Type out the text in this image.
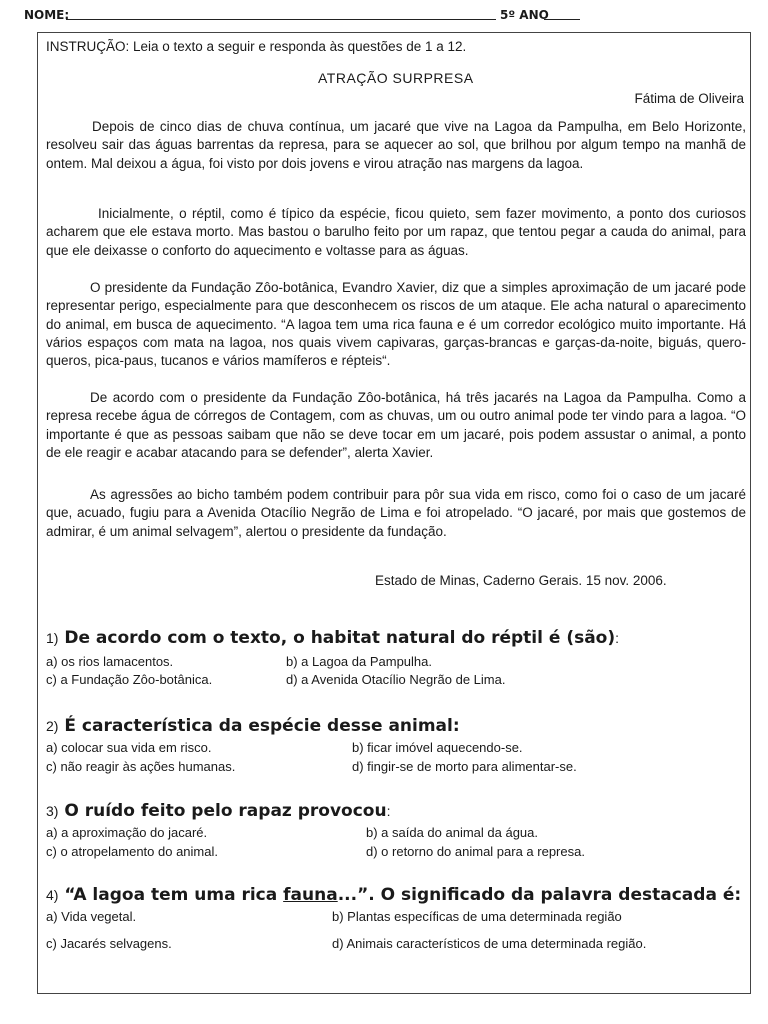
NOME:	5º ANO
INSTRUÇÃO: Leia o texto a seguir e responda às questões de 1 a 12.
ATRAÇÃO SURPRESA
Fátima de Oliveira
Depois de cinco dias de chuva contínua, um jacaré que vive na Lagoa da Pampulha, em Belo Horizonte, resolveu sair das águas barrentas da represa, para se aquecer ao sol, que brilhou por algum tempo na manhã de ontem. Mal deixou a água, foi visto por dois jovens e virou atração nas margens da lagoa.
Inicialmente, o réptil, como é típico da espécie, ficou quieto, sem fazer movimento, a ponto dos curiosos acharem que ele estava morto. Mas bastou o barulho feito por um rapaz, que tentou pegar a cauda do animal, para que ele deixasse o conforto do aquecimento e voltasse para as águas.
O presidente da Fundação Zôo-botânica, Evandro Xavier, diz que a simples aproximação de um jacaré pode representar perigo, especialmente para que desconhecem os riscos de um ataque. Ele acha natural o aparecimento do animal, em busca de aquecimento. “A lagoa tem uma rica fauna e é um corredor ecológico muito importante. Há vários espaços com mata na lagoa, nos quais vivem capivaras, garças-brancas e garças-da-noite, biguás, quero-queros, pica-paus, tucanos e vários mamíferos e répteis“.
De acordo com o presidente da Fundação Zôo-botânica, há três jacarés na Lagoa da Pampulha. Como a represa recebe água de córregos de Contagem, com as chuvas, um ou outro animal pode ter vindo para a lagoa. “O importante é que as pessoas saibam que não se deve tocar em um jacaré, pois podem assustar o animal, a ponto de ele reagir e acabar atacando para se defender”, alerta Xavier.
As agressões ao bicho também podem contribuir para pôr sua vida em risco, como foi o caso de um jacaré que, acuado, fugiu para a Avenida Otacílio Negrão de Lima e foi atropelado. “O jacaré, por mais que gostemos de admirar, é um animal selvagem”, alertou o presidente da fundação.
Estado de Minas, Caderno Gerais. 15 nov. 2006.
1) De acordo com o texto, o habitat natural do réptil é (são):
a) os rios lamacentos.	b) a Lagoa da Pampulha.
c) a Fundação Zôo-botânica.	d) a Avenida Otacílio Negrão de Lima.
2) É característica da espécie desse animal:
a) colocar sua vida em risco.	b) ficar imóvel aquecendo-se.
c) não reagir às ações humanas.	d) fingir-se de morto para alimentar-se.
3) O ruído feito pelo rapaz provocou:
a) a aproximação do jacaré.	b) a saída do animal da água.
c) o atropelamento do animal.	d) o retorno do animal para a represa.
4) “A lagoa tem uma rica fauna...”. O significado da palavra destacada é:
a) Vida vegetal.	b) Plantas específicas de uma determinada região
c) Jacarés selvagens.	d) Animais característicos de uma determinada região.
